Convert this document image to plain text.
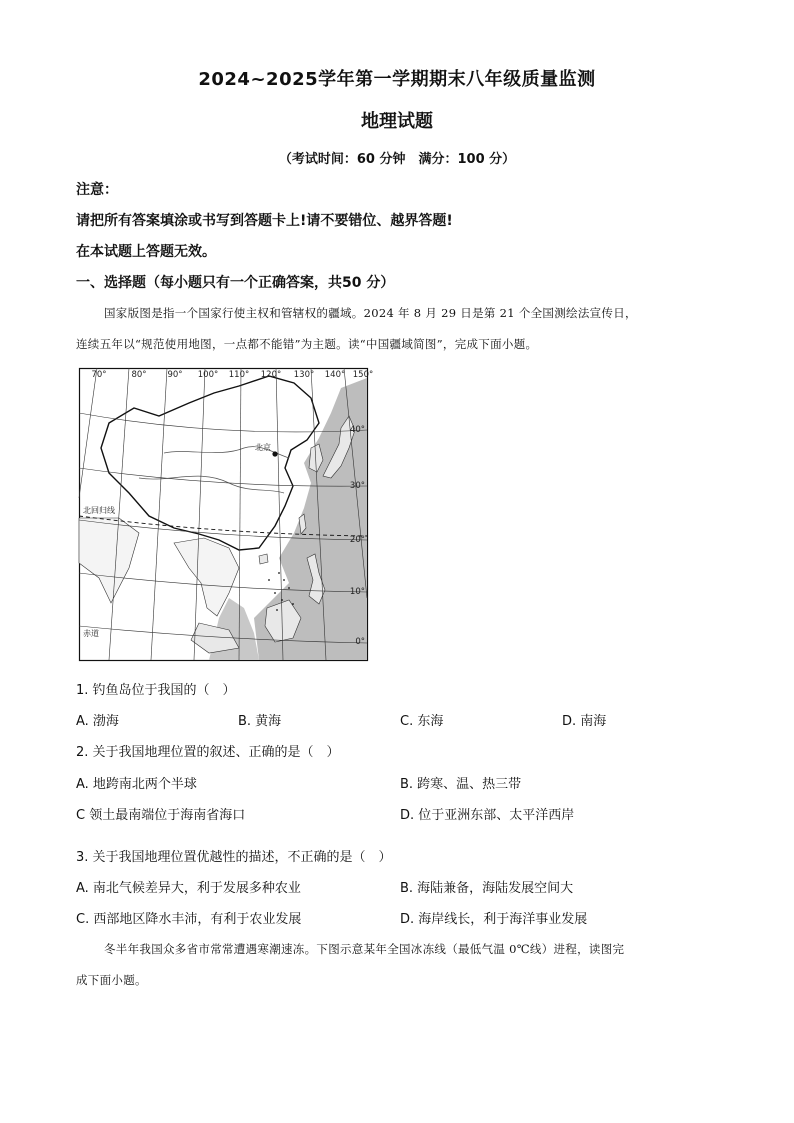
2024~2025学年第一学期期末八年级质量监测
地理试题
（考试时间：60 分钟　满分：100 分）
注意：
请把所有答案填涂或书写到答题卡上!请不要错位、越界答题!
在本试题上答题无效。
一、选择题（每小题只有一个正确答案，共50 分）
国家版图是指一个国家行使主权和管辖权的疆域。2024 年 8 月 29 日是第 21 个全国测绘法宣传日，
连续五年以“规范使用地图，一点都不能错”为主题。读“中国疆域简图”，完成下面小题。
北京
北回归线
赤道
70°	80° 90° 100° 110° 120° 130° 140° 150°
40°
30°
20°
10°
0°
1. 钓鱼岛位于我国的（　）
A. 渤海	B. 黄海	C. 东海	D. 南海
2. 关于我国地理位置的叙述、正确的是（　）
A. 地跨南北两个半球	B. 跨寒、温、热三带
C 领土最南端位于海南省海口	D. 位于亚洲东部、太平洋西岸
3. 关于我国地理位置优越性的描述，不正确的是（　）
A. 南北气候差异大，利于发展多种农业	B. 海陆兼备，海陆发展空间大
C. 西部地区降水丰沛，有利于农业发展	D. 海岸线长，利于海洋事业发展
冬半年我国众多省市常常遭遇寒潮速冻。下图示意某年全国冰冻线（最低气温 0℃线）进程，读图完
成下面小题。
